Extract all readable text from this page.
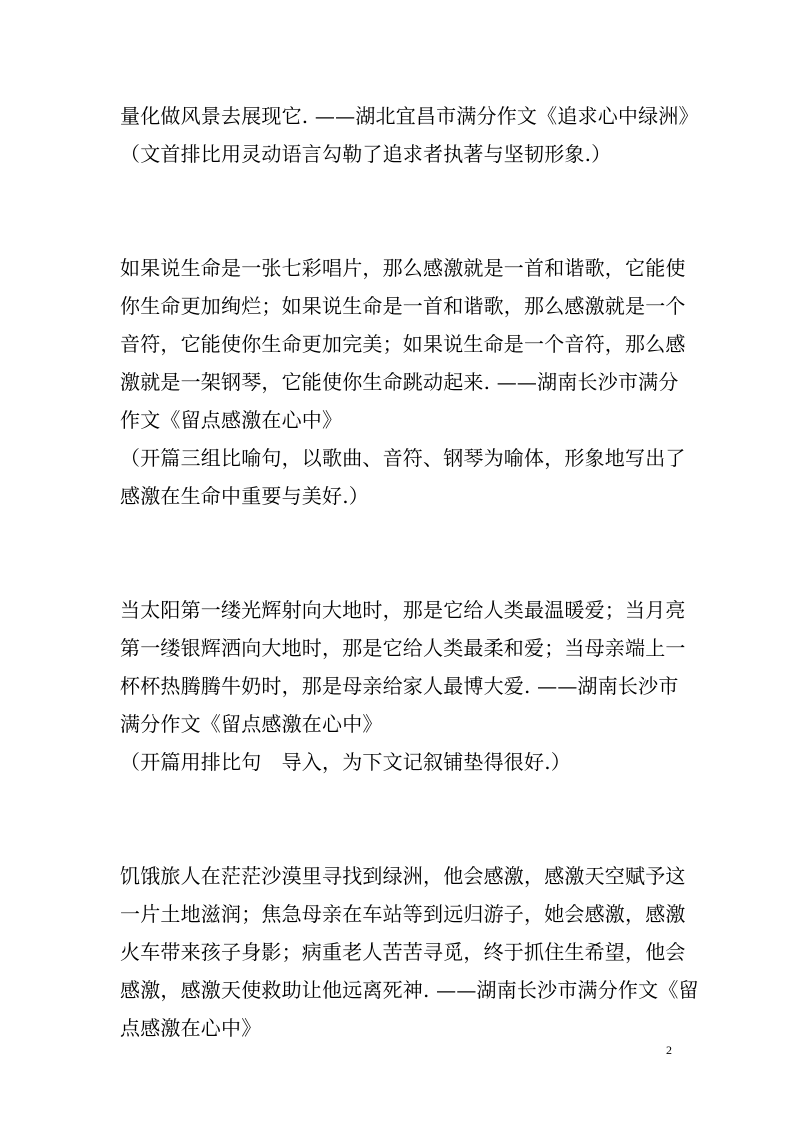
量化做风景去展现它. ——湖北宜昌市满分作文《追求心中绿洲》
（文首排比用灵动语言勾勒了追求者执著与坚韧形象.）
如果说生命是一张七彩唱片，那么感激就是一首和谐歌，它能使
你生命更加绚烂；如果说生命是一首和谐歌，那么感激就是一个
音符，它能使你生命更加完美；如果说生命是一个音符，那么感
激就是一架钢琴，它能使你生命跳动起来. ——湖南长沙市满分
作文《留点感激在心中》
（开篇三组比喻句，以歌曲、音符、钢琴为喻体，形象地写出了
感激在生命中重要与美好.）
当太阳第一缕光辉射向大地时，那是它给人类最温暖爱；当月亮
第一缕银辉洒向大地时，那是它给人类最柔和爱；当母亲端上一
杯杯热腾腾牛奶时，那是母亲给家人最博大爱. ——湖南长沙市
满分作文《留点感激在心中》
（开篇用排比句　导入，为下文记叙铺垫得很好.）
饥饿旅人在茫茫沙漠里寻找到绿洲，他会感激，感激天空赋予这
一片土地滋润；焦急母亲在车站等到远归游子，她会感激，感激
火车带来孩子身影；病重老人苦苦寻觅，终于抓住生希望，他会
感激，感激天使救助让他远离死神. ——湖南长沙市满分作文《留
点感激在心中》
2
